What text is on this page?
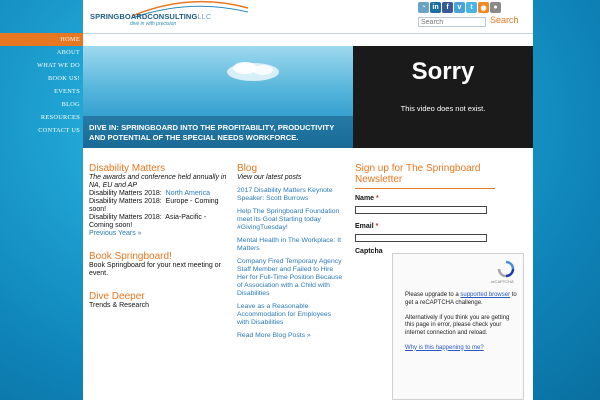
SPRINGBOARDCONSULTINGLLC
dive in with precision
◔ in	f	v	t	◉ ●
Search
Search
HOME
ABOUT
WHAT WE DO
BOOK US!
EVENTS
BLOG
RESOURCES
CONTACT US	DIVE IN: SPRINGBOARD INTO THE PROFITABILITY, PRODUCTIVITY AND POTENTIAL OF THE SPECIAL NEEDS WORKFORCE.
Sorry
This video does not exist.
Disability Matters
The awards and conference held annually in NA, EU and AP
Disability Matters 2018: North America
Disability Matters 2018: Europe - Coming soon!
Disability Matters 2018: Asia-Pacific - Coming soon!
Previous Years »
Book Springboard!
Book Springboard for your next meeting or event.
Dive Deeper
Trends & Research
Blog
View our latest posts
2017 Disability Matters Keynote Speaker: Scott Burrows
Help The Springboard Foundation meet its Goal Starting today #GivingTuesday!
Mental Health in The Workplace: It Matters
Company Fired Temporary Agency Staff Member and Failed to Hire Her for Full-Time Position Because of Association with a Child with Disabilities
Leave as a Reasonable Accommodation for Employees with Disabilities
Read More Blog Posts »
Sign up for The Springboard Newsletter
Name *
Email *
Captcha
reCAPTCHA
Please upgrade to a supported browser to get a reCAPTCHA challenge.

Alternatively if you think you are getting this page in error, please check your internet connection and reload.

Why is this happening to me?
